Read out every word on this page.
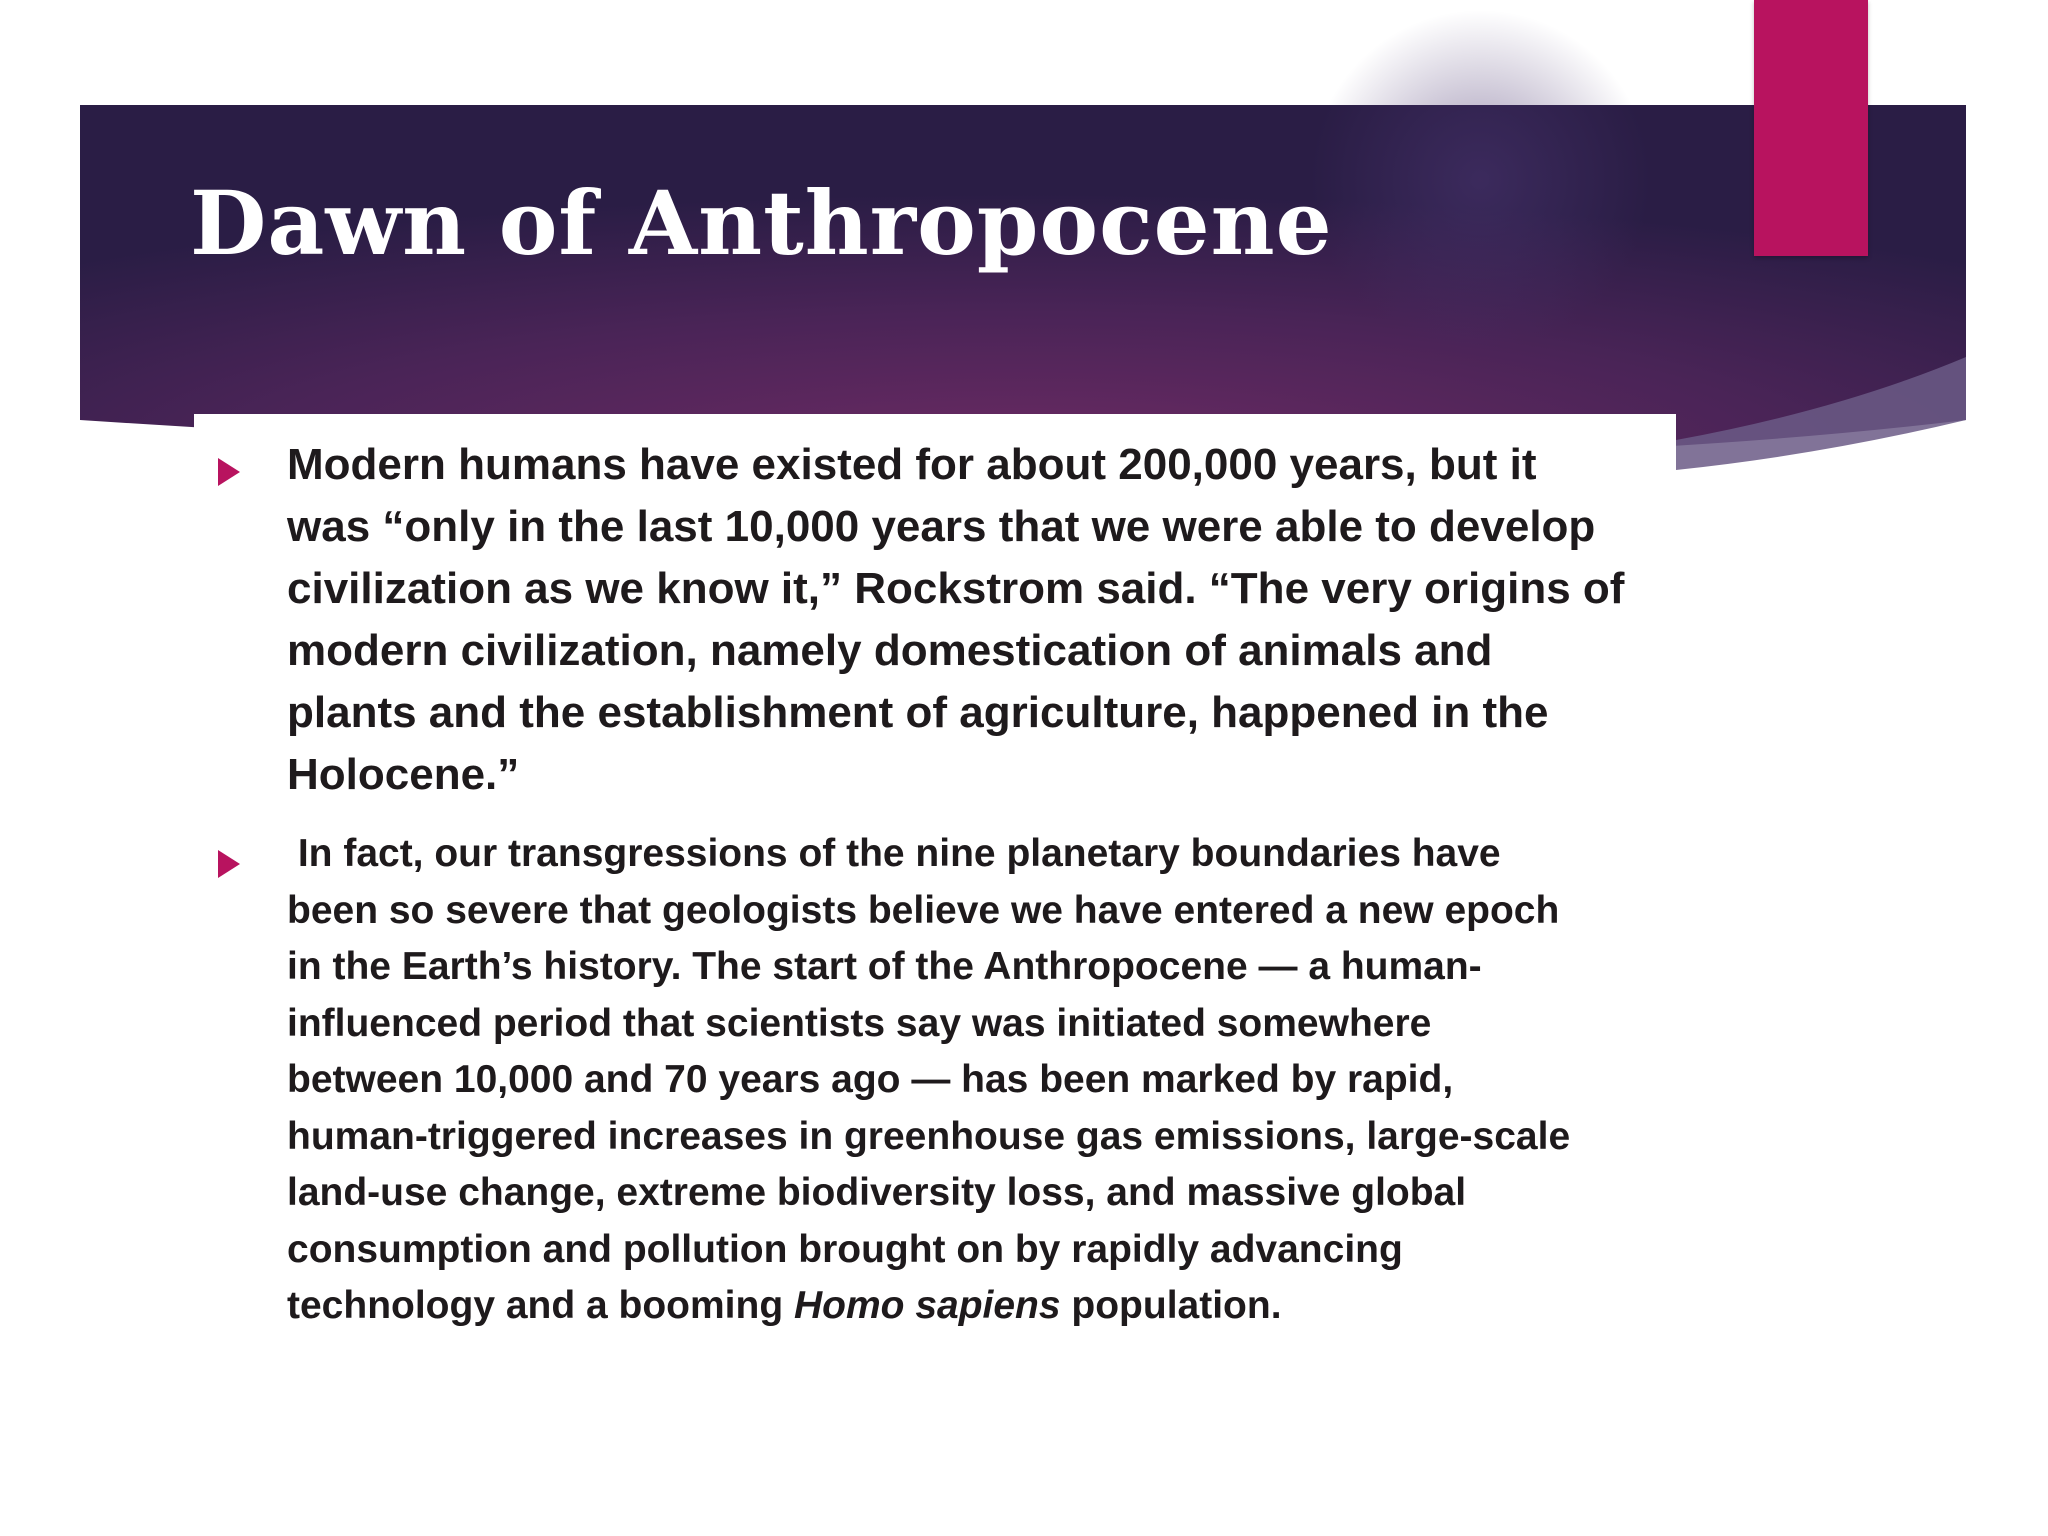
Dawn of Anthropocene

Modern humans have existed for about 200,000 years, but it
was “only in the last 10,000 years that we were able to develop
civilization as we know it,” Rockstrom said. “The very origins of
modern civilization, namely domestication of animals and
plants and the establishment of agriculture, happened in the
Holocene.”

In fact, our transgressions of the nine planetary boundaries have
been so severe that geologists believe we have entered a new epoch
in the Earth’s history. The start of the Anthropocene — a human-
influenced period that scientists say was initiated somewhere
between 10,000 and 70 years ago — has been marked by rapid,
human-triggered increases in greenhouse gas emissions, large-scale
land-use change, extreme biodiversity loss, and massive global
consumption and pollution brought on by rapidly advancing
technology and a booming Homo sapiens population.
